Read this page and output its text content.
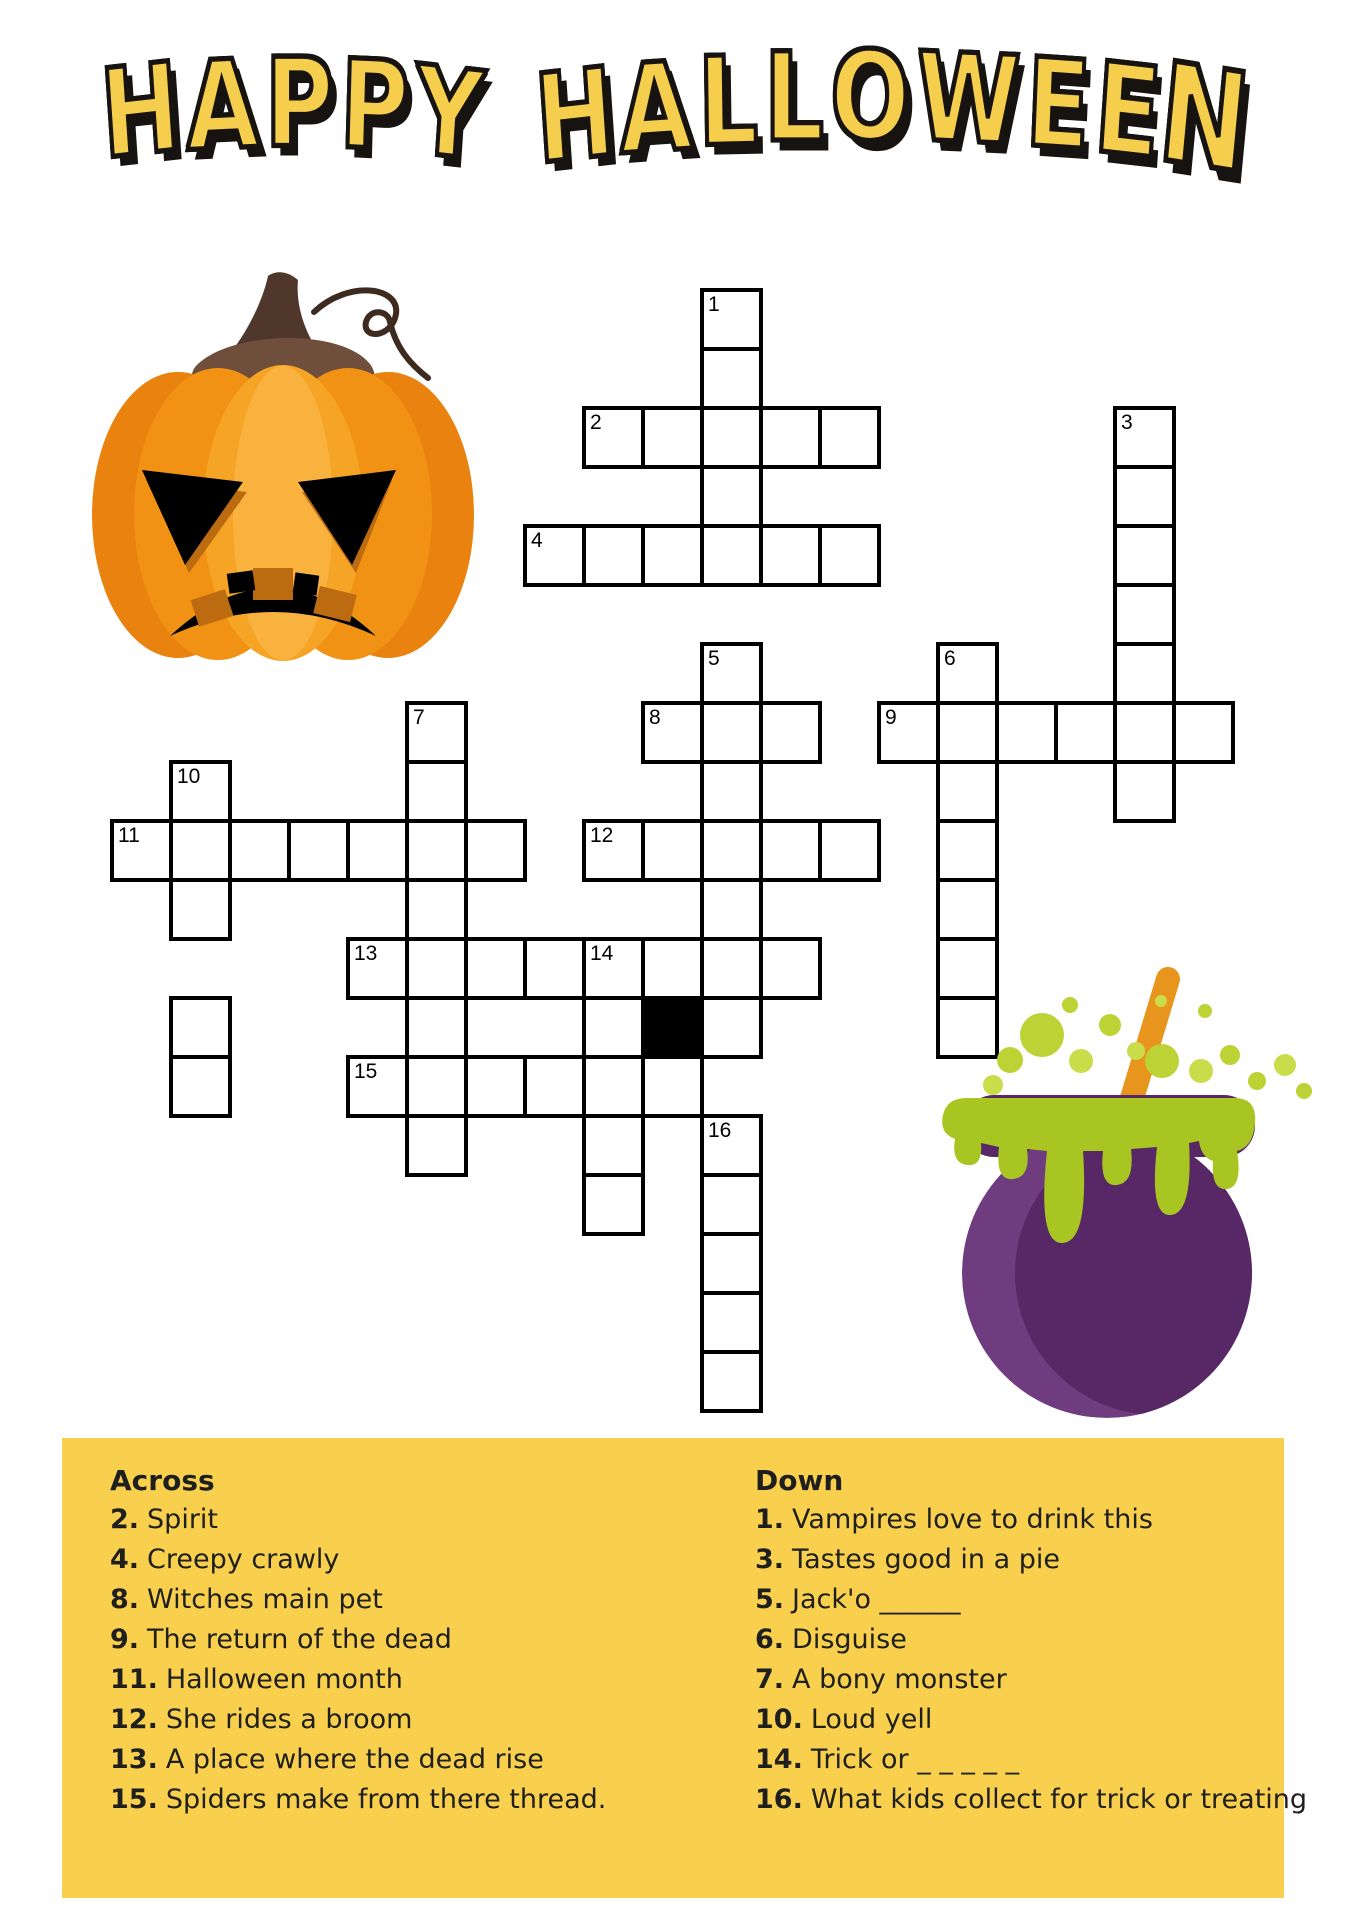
HAPPY HALLOWEEN
1
2	3
4
5	6
7	8	9
10
11	12
13	14
15
16
Across
2. Spirit
4. Creepy crawly
8. Witches main pet
9. The return of the dead
11. Halloween month
12. She rides a broom
13. A place where the dead rise
15. Spiders make from there thread.
Down
1. Vampires love to drink this
3. Tastes good in a pie
5. Jack'o ______
6. Disguise
7. A bony monster
10. Loud yell
14. Trick or _ _ _ _ _
16. What kids collect for trick or treating
